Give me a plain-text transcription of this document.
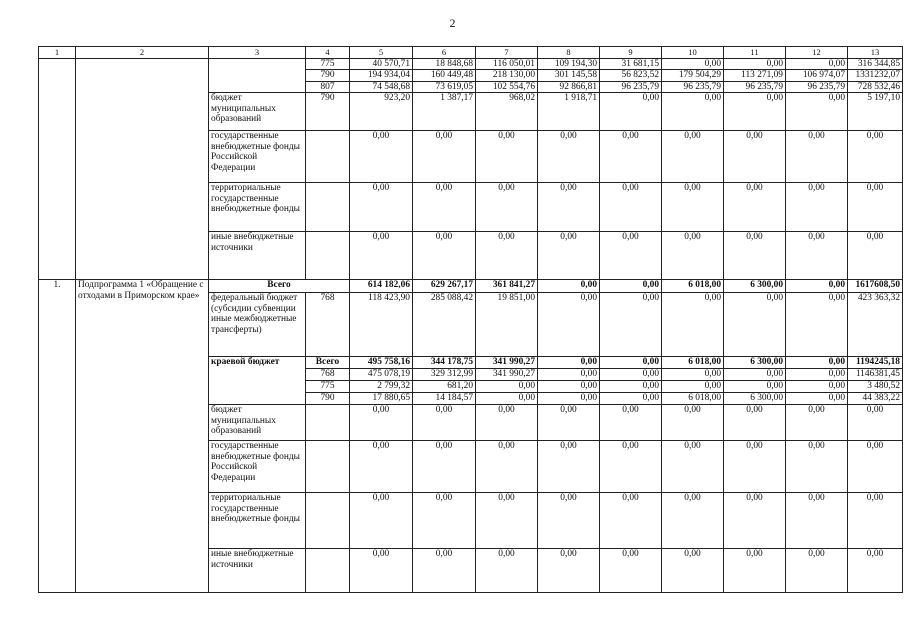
2
1	2	3	4	5	6	7	8	9	10	11	12	13
			775	40 570,71	18 848,68	116 050,01	109 194,30	31 681,15	0,00	0,00	0,00	316 344,85
			790	194 934,04	160 449,48	218 130,00	301 145,58	56 823,52	179 504,29	113 271,09	106 974,07	1331232,07
			807	74 548,68	73 619,05	102 554,76	92 866,81	96 235,79	96 235,79	96 235,79	96 235,79	728 532,46
		бюджет муниципальных образований	790	923,20	1 387,17	968,02	1 918,71	0,00	0,00	0,00	0,00	5 197,10
		государственные внебюджетные фонды Российской Федерации		0,00	0,00	0,00	0,00	0,00	0,00	0,00	0,00	0,00
		территориальные государственные внебюджетные фонды		0,00	0,00	0,00	0,00	0,00	0,00	0,00	0,00	0,00
		иные внебюджетные источники		0,00	0,00	0,00	0,00	0,00	0,00	0,00	0,00	0,00
1.	Подпрограмма 1 «Обращение с отходами в Приморском крае»	Всего		614 182,06	629 267,17	361 841,27	0,00	0,00	6 018,00	6 300,00	0,00	1617608,50
		федеральный бюджет (субсидии субвенции иные межбюджетные трансферты)	768	118 423,90	285 088,42	19 851,00	0,00	0,00	0,00	0,00	0,00	423 363,32
		краевой бюджет	Всего	495 758,16	344 178,75	341 990,27	0,00	0,00	6 018,00	6 300,00	0,00	1194245,18
			768	475 078,19	329 312,99	341 990,27	0,00	0,00	0,00	0,00	0,00	1146381,45
			775	2 799,32	681,20	0,00	0,00	0,00	0,00	0,00	0,00	3 480,52
			790	17 880,65	14 184,57	0,00	0,00	0,00	6 018,00	6 300,00	0,00	44 383,22
		бюджет муниципальных образований		0,00	0,00	0,00	0,00	0,00	0,00	0,00	0,00	0,00
		государственные внебюджетные фонды Российской Федерации		0,00	0,00	0,00	0,00	0,00	0,00	0,00	0,00	0,00
		территориальные государственные внебюджетные фонды		0,00	0,00	0,00	0,00	0,00	0,00	0,00	0,00	0,00
		иные внебюджетные источники		0,00	0,00	0,00	0,00	0,00	0,00	0,00	0,00	0,00
